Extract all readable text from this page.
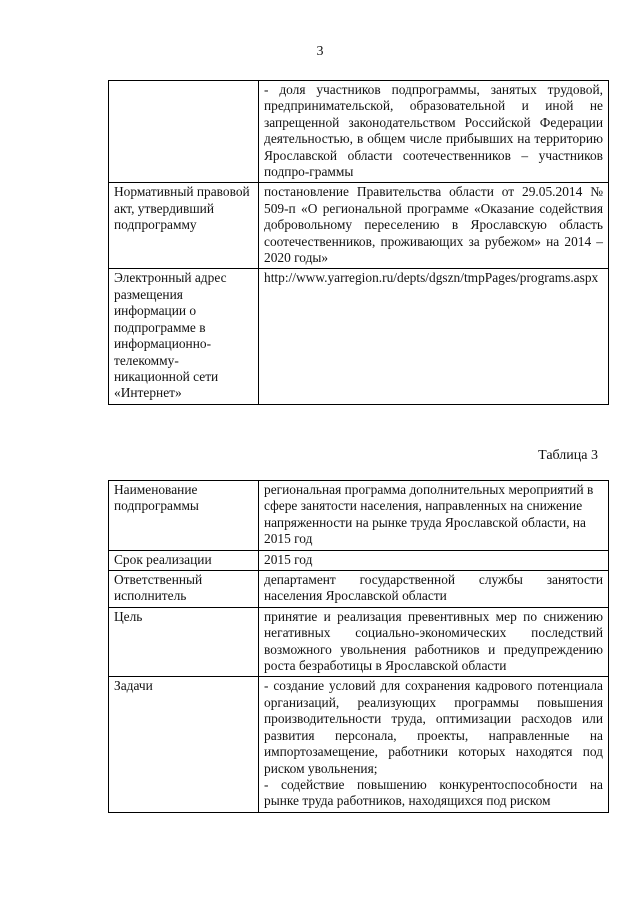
3
	- доля участников подпрограммы, занятых трудовой, предпринимательской, образовательной и иной не запрещенной законодательством Российской Федерации деятельностью, в общем числе прибывших на территорию Ярославской области соотечественников – участников подпро-граммы
Нормативный правовой акт, утвердивший подпрограмму	постановление Правительства области от 29.05.2014 № 509-п «О региональной программе «Оказание содействия добровольному переселению в Ярославскую область соотечественников, проживающих за рубежом» на 2014 – 2020 годы»
Электронный адрес размещения информации о подпрограмме в информационно-телекомму-никационной сети «Интернет»	http://www.yarregion.ru/depts/dgszn/tmpPages/programs.aspx
Таблица 3
Наименование подпрограммы	региональная программа дополнительных мероприятий в сфере занятости населения, направленных на снижение напряженности на рынке труда Ярославской области, на 2015 год
Срок реализации	2015 год
Ответственный исполнитель	департамент государственной службы занятости населения Ярославской области
Цель	принятие и реализация превентивных мер по снижению негативных социально-экономических последствий возможного увольнения работников и предупреждению роста безработицы в Ярославской области
Задачи	- создание условий для сохранения кадрового потенциала организаций, реализующих программы повышения производительности труда, оптимизации расходов или развития персонала, проекты, направленные на импортозамещение, работники которых находятся под риском увольнения;
- содействие повышению конкурентоспособности на рынке труда работников, находящихся под риском
